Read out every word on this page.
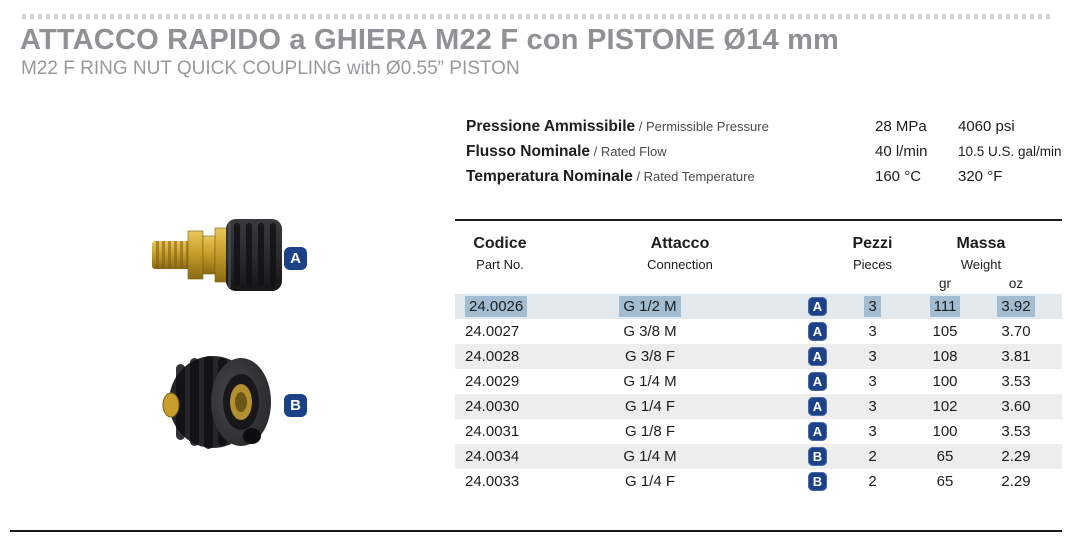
ATTACCO RAPIDO a GHIERA M22 F con PISTONE Ø14 mm
M22 F RING NUT QUICK COUPLING with Ø0.55” PISTON
Pressione Ammissibile / Permissible Pressure	28 MPa 4060 psi
Flusso Nominale / Rated Flow	40 l/min 10.5 U.S. gal/min
Temperatura Nominale / Rated Temperature	160 °C 320 °F
A
B
Codice	Attacco	Pezzi	Massa
Part No.	Connection	Pieces	Weight
gr	oz
24.0026	G 1/2 M	A	3	111	3.92
24.0027	G 3/8 M	A	3	105	3.70
24.0028	G 3/8 F	A	3	108	3.81
24.0029	G 1/4 M	A	3	100	3.53
24.0030	G 1/4 F	A	3	102	3.60
24.0031	G 1/8 F	A	3	100	3.53
24.0034	G 1/4 M	B	2	65	2.29
24.0033	G 1/4 F	B	2	65	2.29
